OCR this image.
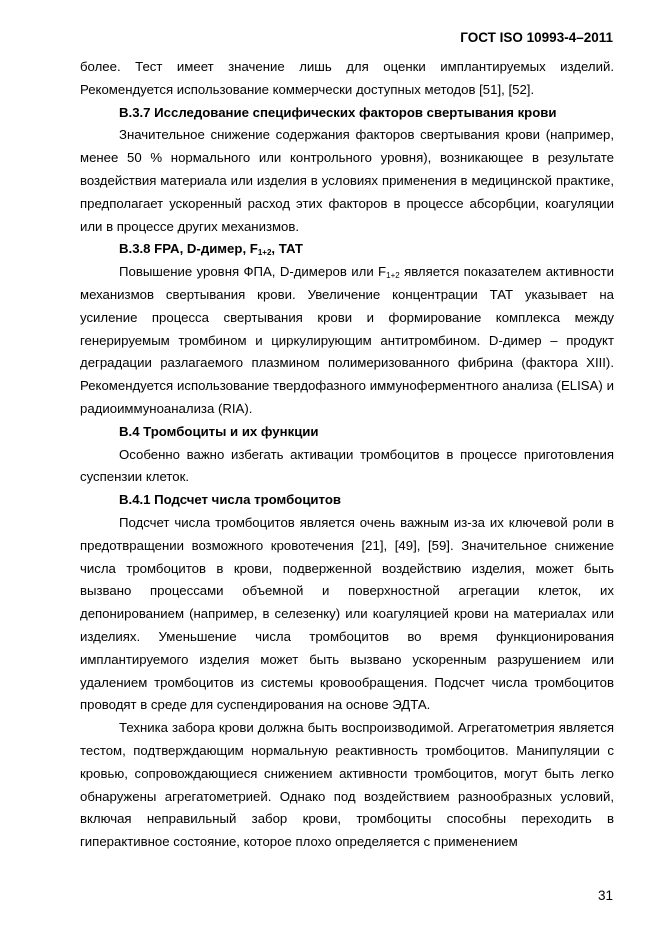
ГОСТ ISO 10993-4–2011

более. Тест имеет значение лишь для оценки имплантируемых изделий. Рекомендуется использование коммерчески доступных методов [51], [52].

В.3.7 Исследование специфических факторов свертывания крови

Значительное снижение содержания факторов свертывания крови (например, менее 50 % нормального или контрольного уровня), возникающее в результате воздействия материала или изделия в условиях применения в медицинской практике, предполагает ускоренный расход этих факторов в процессе абсорбции, коагуляции или в процессе других механизмов.

В.3.8 FPA, D-димер, $F_{1+2}$, ТАТ

Повышение уровня ФПА, D-димеров или $F_{1+2}$ является показателем активности механизмов свертывания крови. Увеличение концентрации ТАТ указывает на усиление процесса свертывания крови и формирование комплекса между генерируемым тромбином и циркулирующим антитромбином. D-димер – продукт деградации разлагаемого плазмином полимеризованного фибрина (фактора XIII). Рекомендуется использование твердофазного иммуноферментного анализа (ELISA) и радиоиммуноанализа (RIA).

В.4 Тромбоциты и их функции

Особенно важно избегать активации тромбоцитов в процессе приготовления суспензии клеток.

В.4.1 Подсчет числа тромбоцитов

Подсчет числа тромбоцитов является очень важным из-за их ключевой роли в предотвращении возможного кровотечения [21], [49], [59]. Значительное снижение числа тромбоцитов в крови, подверженной воздействию изделия, может быть вызвано процессами объемной и поверхностной агрегации клеток, их депонированием (например, в селезенку) или коагуляцией крови на материалах или изделиях. Уменьшение числа тромбоцитов во время функционирования имплантируемого изделия может быть вызвано ускоренным разрушением или удалением тромбоцитов из системы кровообращения. Подсчет числа тромбоцитов проводят в среде для суспендирования на основе ЭДТА.

Техника забора крови должна быть воспроизводимой. Агрегатометрия является тестом, подтверждающим нормальную реактивность тромбоцитов. Манипуляции с кровью, сопровождающиеся снижением активности тромбоцитов, могут быть легко обнаружены агрегатометрией. Однако под воздействием разнообразных условий, включая неправильный забор крови, тромбоциты способны переходить в гиперактивное состояние, которое плохо определяется с применением

31
